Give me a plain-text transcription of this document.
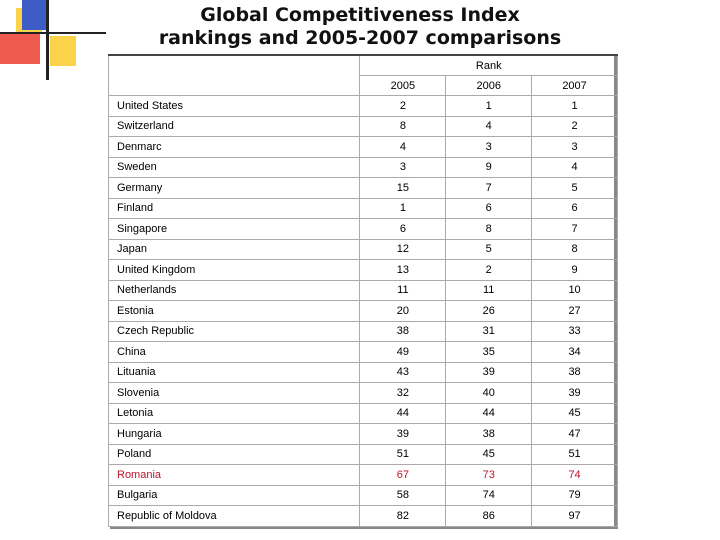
Global Competitiveness Index
rankings and 2005-2007 comparisons
	Rank		
	2005	2006	2007
United States	2	1	1
Switzerland	8	4	2
Denmarc	4	3	3
Sweden	3	9	4
Germany	15	7	5
Finland	1	6	6
Singapore	6	8	7
Japan	12	5	8
United Kingdom	13	2	9
Netherlands	11	11	10
Estonia	20	26	27
Czech Republic	38	31	33
China	49	35	34
Lituania	43	39	38
Slovenia	32	40	39
Letonia	44	44	45
Hungaria	39	38	47
Poland	51	45	51
Romania	67	73	74
Bulgaria	58	74	79
Republic of Moldova	82	86	97
